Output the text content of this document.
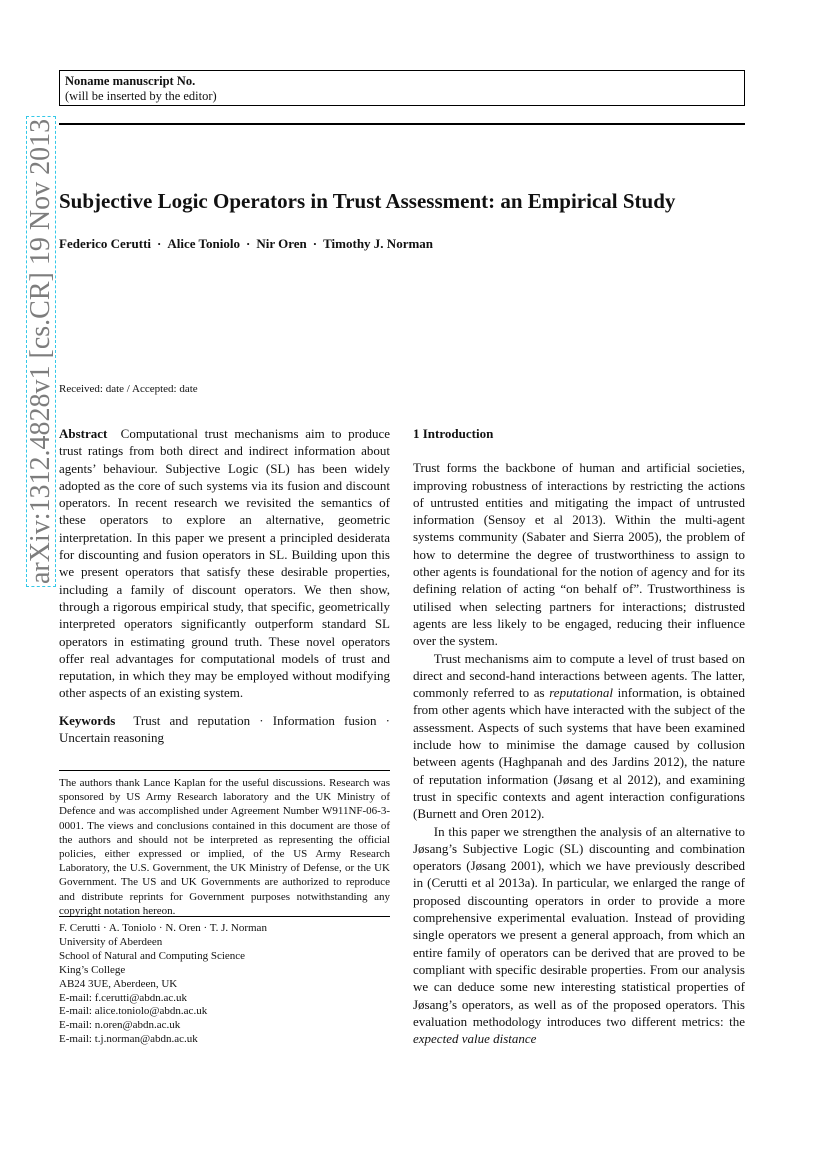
Noname manuscript No.
(will be inserted by the editor)
Subjective Logic Operators in Trust Assessment: an Empirical Study
Federico Cerutti · Alice Toniolo · Nir Oren · Timothy J. Norman
arXiv:1312.4828v1 [cs.CR] 19 Nov 2013 Received: date / Accepted: date

Abstract Computational trust mechanisms aim to produce trust ratings from both direct and indirect information about agents’ behaviour. Subjective Logic (SL) has been widely adopted as the core of such systems via its fusion and discount operators. In recent research we revisited the semantics of these operators to explore an alternative, geometric interpretation. In this paper we present a principled desiderata for discounting and fusion operators in SL. Building upon this we present operators that satisfy these desirable properties, including a family of discount operators. We then show, through a rigorous empirical study, that specific, geometrically interpreted operators significantly outperform standard SL operators in estimating ground truth. These novel operators offer real advantages for computational models of trust and reputation, in which they may be employed without modifying other aspects of an existing system.

Keywords Trust and reputation · Information fusion · Uncertain reasoning

The authors thank Lance Kaplan for the useful discussions. Research was sponsored by US Army Research laboratory and the UK Ministry of Defence and was accomplished under Agreement Number W911NF-06-3-0001. The views and conclusions contained in this document are those of the authors and should not be interpreted as representing the official policies, either expressed or implied, of the US Army Research Laboratory, the U.S. Government, the UK Ministry of Defense, or the UK Government. The US and UK Governments are authorized to reproduce and distribute reprints for Government purposes notwithstanding any copyright notation hereon.
F. Cerutti · A. Toniolo · N. Oren · T. J. Norman
University of Aberdeen
School of Natural and Computing Science
King’s College
AB24 3UE, Aberdeen, UK
E-mail: f.cerutti@abdn.ac.uk
E-mail: alice.toniolo@abdn.ac.uk
E-mail: n.oren@abdn.ac.uk
E-mail: t.j.norman@abdn.ac.uk
1 Introduction

Trust forms the backbone of human and artificial societies, improving robustness of interactions by restricting the actions of untrusted entities and mitigating the impact of untrusted information (Sensoy et al 2013). Within the multi-agent systems community (Sabater and Sierra 2005), the problem of how to determine the degree of trustworthiness to assign to other agents is foundational for the notion of agency and for its defining relation of acting “on behalf of”. Trustworthiness is utilised when selecting partners for interactions; distrusted agents are less likely to be engaged, reducing their influence over the system.

Trust mechanisms aim to compute a level of trust based on direct and second-hand interactions between agents. The latter, commonly referred to as reputational information, is obtained from other agents which have interacted with the subject of the assessment. Aspects of such systems that have been examined include how to minimise the damage caused by collusion between agents (Haghpanah and des Jardins 2012), the nature of reputation information (Jøsang et al 2012), and examining trust in specific contexts and agent interaction configurations (Burnett and Oren 2012).

In this paper we strengthen the analysis of an alternative to Jøsang’s Subjective Logic (SL) discounting and combination operators (Jøsang 2001), which we have previously described in (Cerutti et al 2013a). In particular, we enlarged the range of proposed discounting operators in order to provide a more comprehensive experimental evaluation. Instead of providing single operators we present a general approach, from which an entire family of operators can be derived that are proved to be compliant with specific desirable properties. From our analysis we can deduce some new interesting statistical properties of Jøsang’s operators, as well as of the proposed operators. This evaluation methodology introduces two different metrics: the expected value distance
